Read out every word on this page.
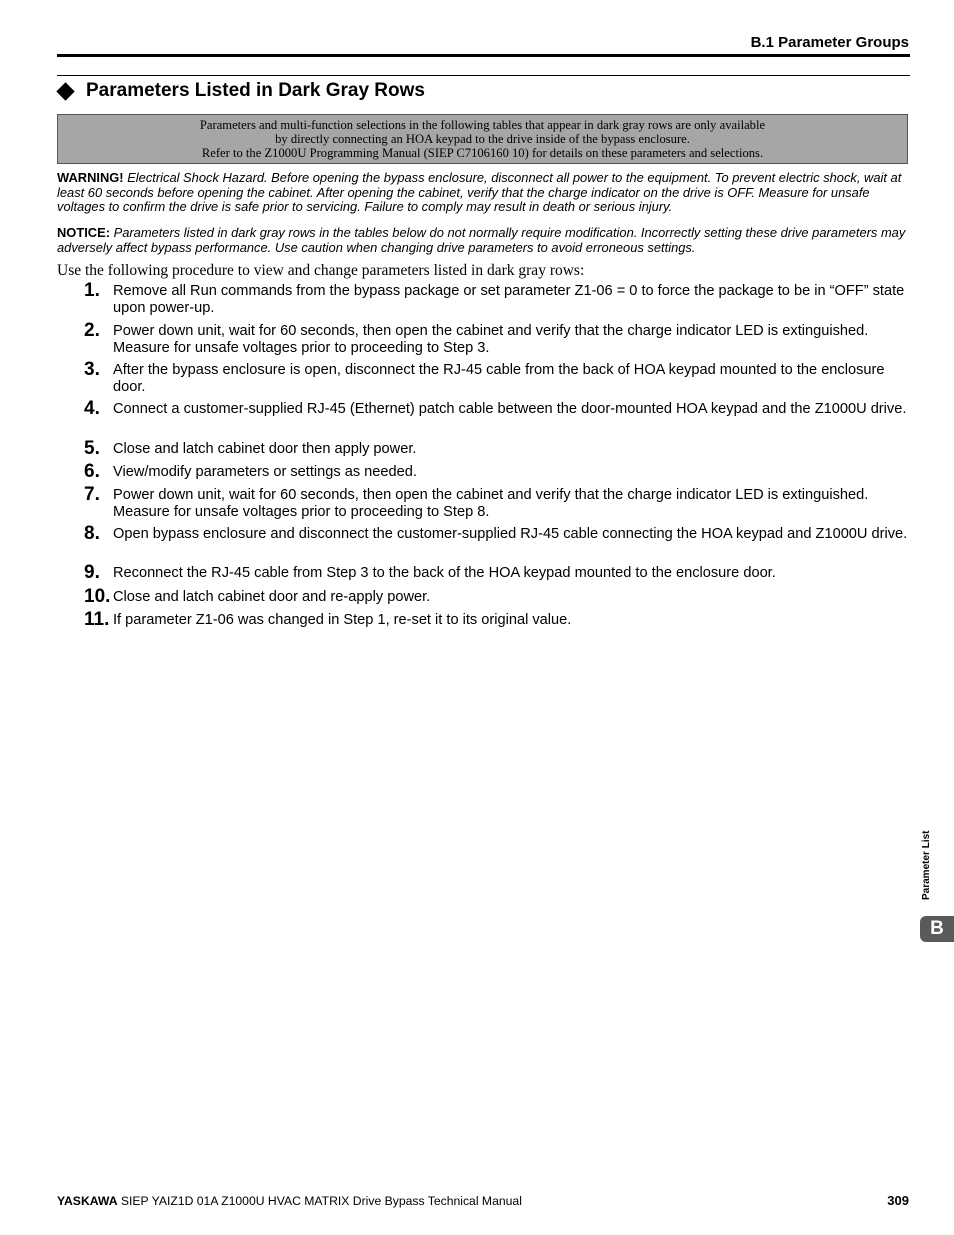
B.1 Parameter Groups
Parameters Listed in Dark Gray Rows
Parameters and multi-function selections in the following tables that appear in dark gray rows are only available
by directly connecting an HOA keypad to the drive inside of the bypass enclosure.
Refer to the Z1000U Programming Manual (SIEP C7106160 10) for details on these parameters and selections.
WARNING! Electrical Shock Hazard. Before opening the bypass enclosure, disconnect all power to the equipment. To prevent electric shock, wait at least 60 seconds before opening the cabinet. After opening the cabinet, verify that the charge indicator on the drive is OFF. Measure for unsafe voltages to confirm the drive is safe prior to servicing. Failure to comply may result in death or serious injury.
NOTICE: Parameters listed in dark gray rows in the tables below do not normally require modification. Incorrectly setting these drive parameters may adversely affect bypass performance. Use caution when changing drive parameters to avoid erroneous settings.
Use the following procedure to view and change parameters listed in dark gray rows:
1. Remove all Run commands from the bypass package or set parameter Z1-06 = 0 to force the package to be in “OFF” state upon power-up.
2. Power down unit, wait for 60 seconds, then open the cabinet and verify that the charge indicator LED is extinguished. Measure for unsafe voltages prior to proceeding to Step 3.
3. After the bypass enclosure is open, disconnect the RJ-45 cable from the back of HOA keypad mounted to the enclosure door.
4. Connect a customer-supplied RJ-45 (Ethernet) patch cable between the door-mounted HOA keypad and the Z1000U drive.
5. Close and latch cabinet door then apply power.
6. View/modify parameters or settings as needed.
7. Power down unit, wait for 60 seconds, then open the cabinet and verify that the charge indicator LED is extinguished. Measure for unsafe voltages prior to proceeding to Step 8.
8. Open bypass enclosure and disconnect the customer-supplied RJ-45 cable connecting the HOA keypad and Z1000U drive.
9. Reconnect the RJ-45 cable from Step 3 to the back of the HOA keypad mounted to the enclosure door.
10. Close and latch cabinet door and re-apply power.
11. If parameter Z1-06 was changed in Step 1, re-set it to its original value.
Parameter List
B
YASKAWA SIEP YAIZ1D 01A Z1000U HVAC MATRIX Drive Bypass Technical Manual	309
